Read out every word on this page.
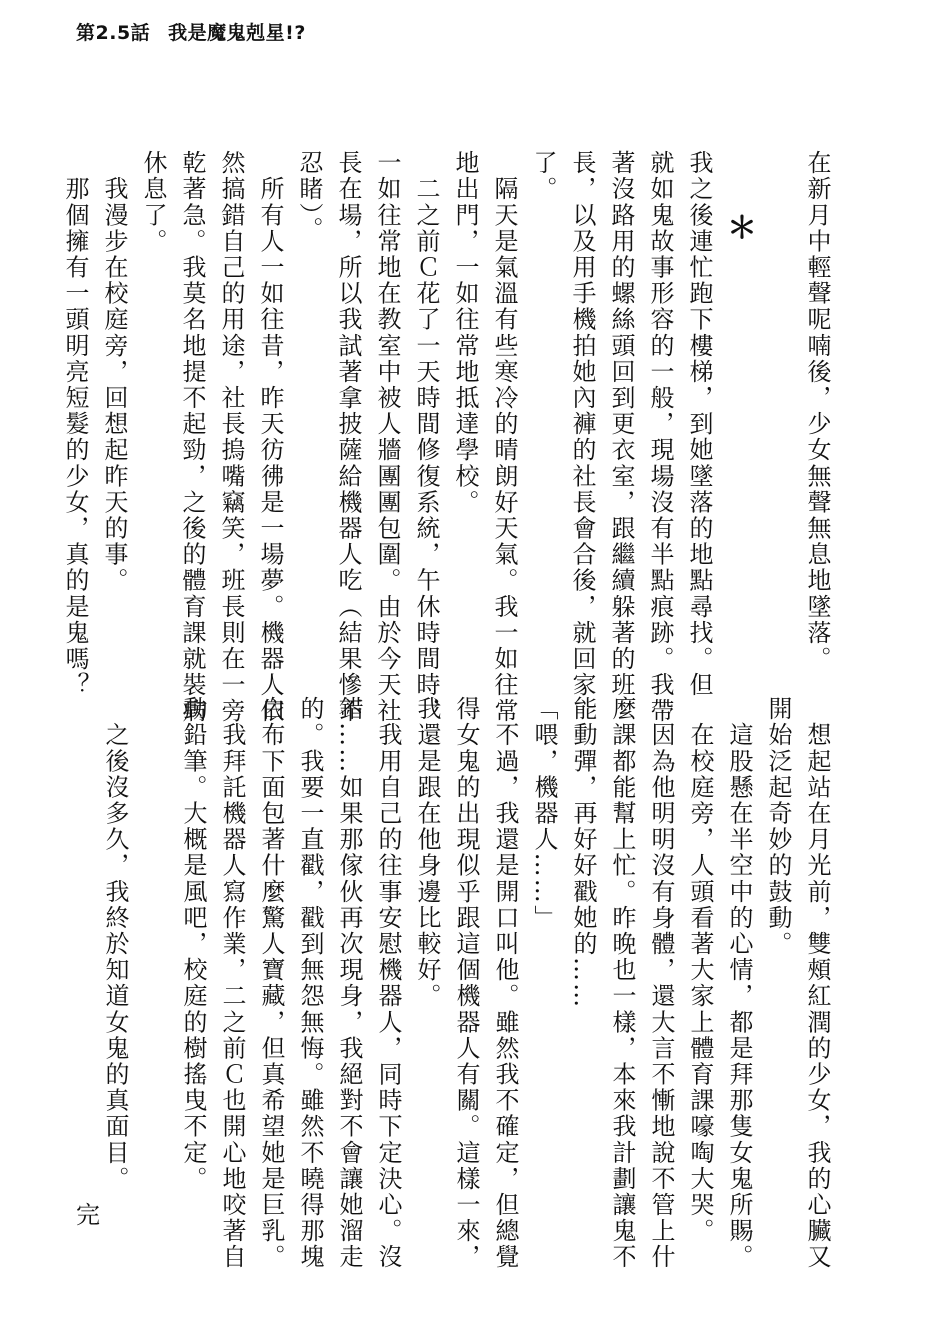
第2.5話 我是魔鬼剋星!?
在新月中輕聲呢喃後，少女無聲無息地墜落。

＊
我之後連忙跑下樓梯，到她墜落的地點尋找。但
就如鬼故事形容的一般，現場沒有半點痕跡。我帶
著沒路用的螺絲頭回到更衣室，跟繼續躲著的班
長，以及用手機拍她內褲的社長會合後，就回家
了。
　隔天是氣溫有些寒冷的晴朗好天氣。我一如往常
地出門，一如往常地抵達學校。
　二之前Ｃ花了一天時間修復系統，午休時間時，
一如往常地在教室中被人牆團團包圍。由於今天社
長在場，所以我試著拿披薩給機器人吃（結果慘不
忍睹）。
　所有人一如往昔，昨天彷彿是一場夢。機器人依
然搞錯自己的用途，社長摀嘴竊笑，班長則在一旁
乾著急。我莫名地提不起勁，之後的體育課就裝病
休息了。
　我漫步在校庭旁，回想起昨天的事。
　那個擁有一頭明亮短髮的少女，真的是鬼嗎？
　想起站在月光前，雙頰紅潤的少女，我的心臟又
開始泛起奇妙的鼓動。
　這股懸在半空中的心情，都是拜那隻女鬼所賜。
　在校庭旁，人頭看著大家上體育課嚎啕大哭。
　因為他明明沒有身體，還大言不慚地說不管上什
麼課都能幫上忙。昨晚也一樣，本來我計劃讓鬼不
能動彈，再好好戳她的……
「喂，機器人……」
　不過，我還是開口叫他。雖然我不確定，但總覺
得女鬼的出現似乎跟這個機器人有關。這樣一來，
我還是跟在他身邊比較好。
　我用自己的往事安慰機器人，同時下定決心。沒
錯……如果那傢伙再次現身，我絕對不會讓她溜走
的。我要一直戳，戳到無怨無悔。雖然不曉得那塊
白布下面包著什麼驚人寶藏，但真希望她是巨乳。
　我拜託機器人寫作業，二之前Ｃ也開心地咬著自
動鉛筆。大概是風吧，校庭的樹搖曳不定。

　之後沒多久，我終於知道女鬼的真面目。
完
